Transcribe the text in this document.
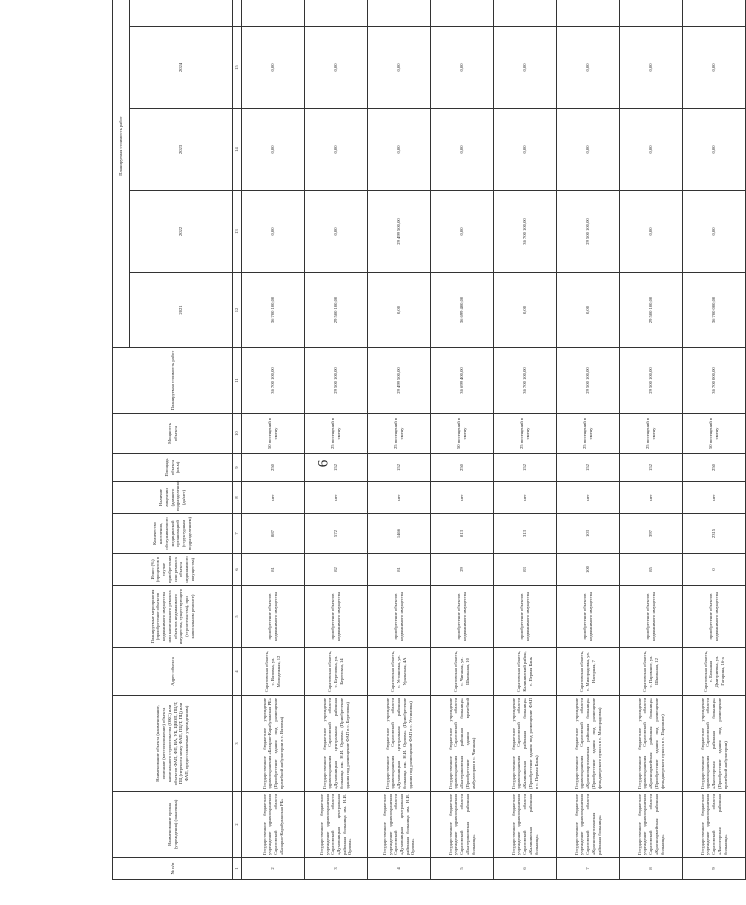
6
№ п/п	Наименование органа (учреждения) (заказчика)	Наименование объекта (наименование, описание (местоположение) объекта капитального строительства (ОКС) или объектов ФАП, ФП, ВА, УБ, ЦВОП, ПЦ/Т, ПЦ (переноса межу ФАП, ПЦ/Т, ПЦ) или ФАП, предоставляемые учреждениям)	Адрес объекта	Планируемые мероприятия (приобретение объектов недвижимого имущества или капитального ремонта объектов недвижимого имущества, существующего (строительства), при капитальном ремонте)	Износ (%) (процентов в случае приобретения или ремонта объекта недвижимого имущества)	Количество населения, обслуживаемого медицинской организацией (структурным подразделением)	Наличие лицензии (давшего подразделения) (да/нет)	Площадь объекта (кв.м)	Мощность объекта	Планируемая стоимость работ	Планируемая стоимость работ				
											2021	2022	2023	2024	
1	2	3	4	5	6	7	8	9	10	11	12	13	14	15	
2	Государственное бюджетное учреждение здравоохранения Саратовской области «Базарно-Карабулакская РБ»	Государственное бюджетное учреждение здравоохранения «Базарно-Карабулакская РБ» (Приобретение здания под размещение врачебной амбулатории в с. Вязовка)	Саратовская область, с. Вязовка, ул. Молодежная, 12	приобретение объектов недвижимого имущества	81	887	нет	250	50 посещений в смену	36 700 100,00	36 700 100,00	0,00	0,00	0,00	
3	Государственное бюджетное учреждение здравоохранения Саратовской области «Духовницкая центральная районная больница им. Н.И. Орлова»	Государственное бюджетное учреждение здравоохранения Саратовской области «Духовницкая центральная районная больница им. Н.И. Орлова» (Приобретение здания под размещение ФАП в с. Березовка)	Саратовская область, с. Березовка, ул. Береговая, 14	приобретение объектов недвижимого имущества	82	572	нет	152	25 посещений в смену	29 500 100,00	29 500 100,00	0,00	0,00	0,00	
4	Государственное бюджетное учреждение здравоохранения Саратовской области «Духовницкая центральная районная больница им. Н.И. Орлова»	Государственное бюджетное учреждение здравоохранения Саратовской области «Духовницкая центральная районная больница им. Н.И. Орлова» (Приобретение здания под размещение ФАП в с. Устиновка)	Саратовская область, с. Устиновка, ул. Уральская, 4А	приобретение объектов недвижимого имущества	81	1466	нет	152	25 посещений в смену	29 499 500,00	0,00	29 499 500,00	0,00	0,00	
5	Государственное бюджетное учреждение здравоохранения Саратовской области «Екатериновская районная больница»	Государственное бюджетное учреждение здравоохранения Саратовской области «Екатериновская районная больница» (Приобретение здания врачебной амбулатории в с. Чиганак)	Саратовская область, с. Чиганак, ул. Школьная, 10	приобретение объектов недвижимого имущества	29	813	нет	250	50 посещений в смену	36 699 400,00	36 699 400,00	0,00	0,00	0,00	
6	Государственное бюджетное учреждение здравоохранения Саратовской области «Калининская районная больница»	Государственное бюджетное учреждение здравоохранения Саратовской области «Калининская районная больница» (Приобретение здания под размещение ФАП в с. Первая Бань)	Саратовская область, Калининский район, с. Первая Бань	приобретение объектов недвижимого имущества	83	313	нет	152	25 посещений в смену	36 700 100,00	0,00	36 700 100,00	0,00	0,00	
7	Государственное бюджетное учреждение здравоохранения Саратовской области «Краснопартизанская районная больница»	Государственное бюджетное учреждение здравоохранения Саратовской области «Краснопартизанская районная больница» (Приобретение здания под размещение фельдшерского пункта в с. Милорадовка)	Саратовская область, с. Милорадовка, ул. Нагорная, 7	приобретение объектов недвижимого имущества	100	103	нет	152	25 посещений в смену	29 500 100,00	0,00	29 500 100,00	0,00	0,00	
8	Государственное бюджетное учреждение здравоохранения Саратовской области «Красноармейская районная больница»	Государственное бюджетное учреждение здравоохранения Саратовской области «Красноармейская районная больница» (Приобретение здания под размещение фельдшерского пункта в с. Паромное)	Саратовская область, с. Паромное, ул. Школьная, 12	приобретение объектов недвижимого имущества	85	397	нет	152	25 посещений в смену	29 500 100,00	29 500 100,00	0,00	0,00	0,00	
9	Государственное бюджетное учреждение здравоохранения Саратовской области «Лысогорская районная больница»	Государственное бюджетное учреждение здравоохранения Саратовской области «Лысогорская районная больница» (Приобретение здания под размещение врачебной амбулатории)	Саратовская область, с. Большая Дмитриевка, ул. Гагарина, 16-а	приобретение объектов недвижимого имущества	0	2315	нет	250	50 посещений в смену	36 700 000,00	36 700 000,00	0,00	0,00	0,00	
